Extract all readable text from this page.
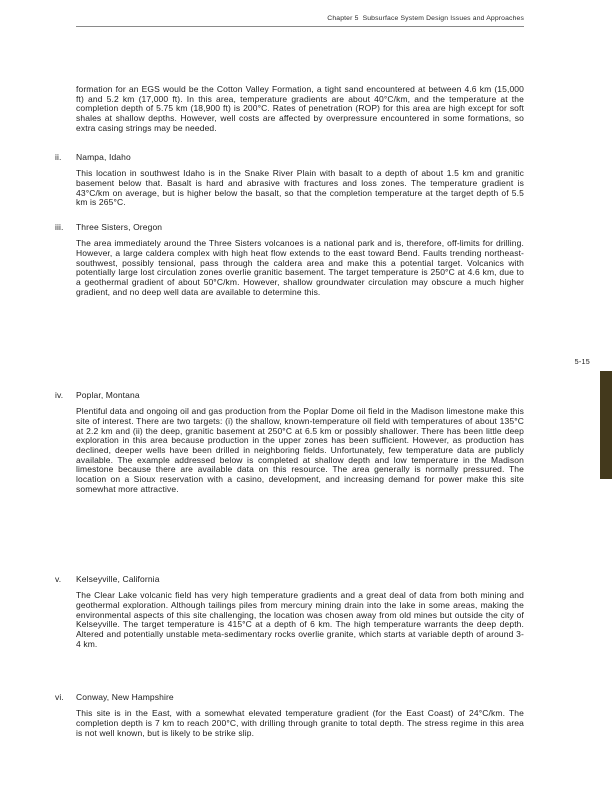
Chapter 5  Subsurface System Design Issues and Approaches

formation for an EGS would be the Cotton Valley Formation, a tight sand encountered at between 4.6 km (15,000 ft) and 5.2 km (17,000 ft). In this area, temperature gradients are about 40°C/km, and the temperature at the completion depth of 5.75 km (18,900 ft) is 200°C. Rates of penetration (ROP) for this area are high except for soft shales at shallow depths. However, well costs are affected by overpressure encountered in some formations, so extra casing strings may be needed.

ii. Nampa, Idaho

This location in southwest Idaho is in the Snake River Plain with basalt to a depth of about 1.5 km and granitic basement below that. Basalt is hard and abrasive with fractures and loss zones. The temperature gradient is 43°C/km on average, but is higher below the basalt, so that the completion temperature at the target depth of 5.5 km is 265°C.

iii. Three Sisters, Oregon

The area immediately around the Three Sisters volcanoes is a national park and is, therefore, off-limits for drilling. However, a large caldera complex with high heat flow extends to the east toward Bend. Faults trending northeast-southwest, possibly tensional, pass through the caldera area and make this a potential target. Volcanics with potentially large lost circulation zones overlie granitic basement. The target temperature is 250°C at 4.6 km, due to a geothermal gradient of about 50°C/km. However, shallow groundwater circulation may obscure a much higher gradient, and no deep well data are available to determine this.

iv. Poplar, Montana

Plentiful data and ongoing oil and gas production from the Poplar Dome oil field in the Madison limestone make this site of interest. There are two targets: (i) the shallow, known-temperature oil field with temperatures of about 135°C at 2.2 km and (ii) the deep, granitic basement at 250°C at 6.5 km or possibly shallower. There has been little deep exploration in this area because production in the upper zones has been sufficient. However, as production has declined, deeper wells have been drilled in neighboring fields. Unfortunately, few temperature data are publicly available. The example addressed below is completed at shallow depth and low temperature in the Madison limestone because there are available data on this resource. The area generally is normally pressured. The location on a Sioux reservation with a casino, development, and increasing demand for power make this site somewhat more attractive.

v. Kelseyville, California

The Clear Lake volcanic field has very high temperature gradients and a great deal of data from both mining and geothermal exploration. Although tailings piles from mercury mining drain into the lake in some areas, making the environmental aspects of this site challenging, the location was chosen away from old mines but outside the city of Kelseyville. The target temperature is 415°C at a depth of 6 km. The high temperature warrants the deep depth. Altered and potentially unstable meta-sedimentary rocks overlie granite, which starts at variable depth of around 3-4 km.

vi. Conway, New Hampshire

This site is in the East, with a somewhat elevated temperature gradient (for the East Coast) of 24°C/km. The completion depth is 7 km to reach 200°C, with drilling through granite to total depth. The stress regime in this area is not well known, but is likely to be strike slip.

5-15
